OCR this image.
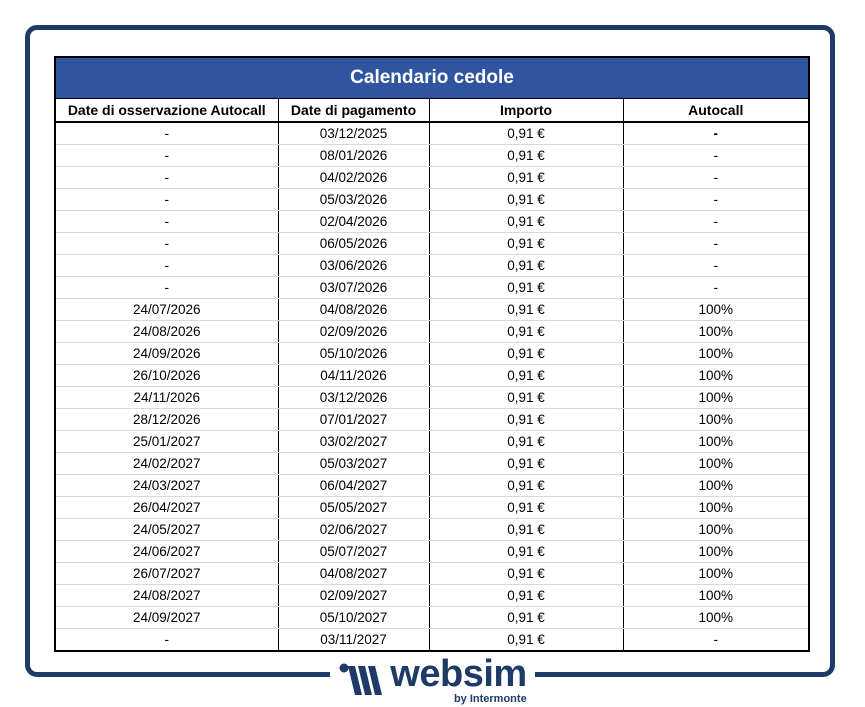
Calendario cedole
Date di osservazione Autocall	Date di pagamento	Importo	Autocall
-	03/12/2025	0,91 €	-
-	08/01/2026	0,91 €	-
-	04/02/2026	0,91 €	-
-	05/03/2026	0,91 €	-
-	02/04/2026	0,91 €	-
-	06/05/2026	0,91 €	-
-	03/06/2026	0,91 €	-
-	03/07/2026	0,91 €	-
24/07/2026	04/08/2026	0,91 €	100%
24/08/2026	02/09/2026	0,91 €	100%
24/09/2026	05/10/2026	0,91 €	100%
26/10/2026	04/11/2026	0,91 €	100%
24/11/2026	03/12/2026	0,91 €	100%
28/12/2026	07/01/2027	0,91 €	100%
25/01/2027	03/02/2027	0,91 €	100%
24/02/2027	05/03/2027	0,91 €	100%
24/03/2027	06/04/2027	0,91 €	100%
26/04/2027	05/05/2027	0,91 €	100%
24/05/2027	02/06/2027	0,91 €	100%
24/06/2027	05/07/2027	0,91 €	100%
26/07/2027	04/08/2027	0,91 €	100%
24/08/2027	02/09/2027	0,91 €	100%
24/09/2027	05/10/2027	0,91 €	100%
-	03/11/2027	0,91 €	-
websim
by Intermonte
